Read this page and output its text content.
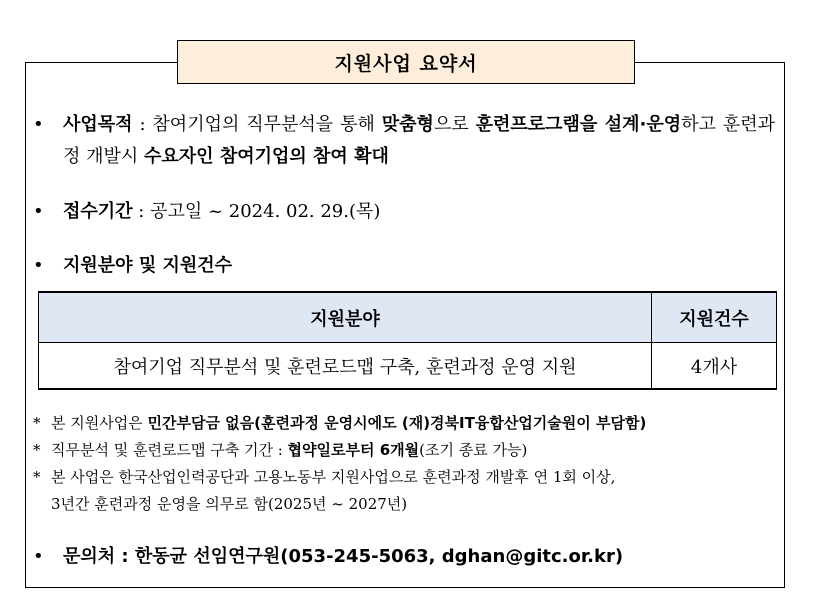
지원사업 요약서
• 사업목적 : 참여기업의 직무분석을 통해 맞춤형으로 훈련프로그램을 설계·운영하고 훈련과정 개발시 수요자인 참여기업의 참여 확대
• 접수기간 : 공고일 ~ 2024. 02. 29.(목)
• 지원분야 및 지원건수
지원분야	지원건수
참여기업 직무분석 및 훈련로드맵 구축, 훈련과정 운영 지원	4개사
* 본 지원사업은 민간부담금 없음(훈련과정 운영시에도 (재)경북IT융합산업기술원이 부담함)
* 직무분석 및 훈련로드맵 구축 기간 : 협약일로부터 6개월(조기 종료 가능)
* 본 사업은 한국산업인력공단과 고용노동부 지원사업으로 훈련과정 개발후 연 1회 이상,
3년간 훈련과정 운영을 의무로 함(2025년 ~ 2027년)
• 문의처 : 한동균 선임연구원(053-245-5063, dghan@gitc.or.kr)
